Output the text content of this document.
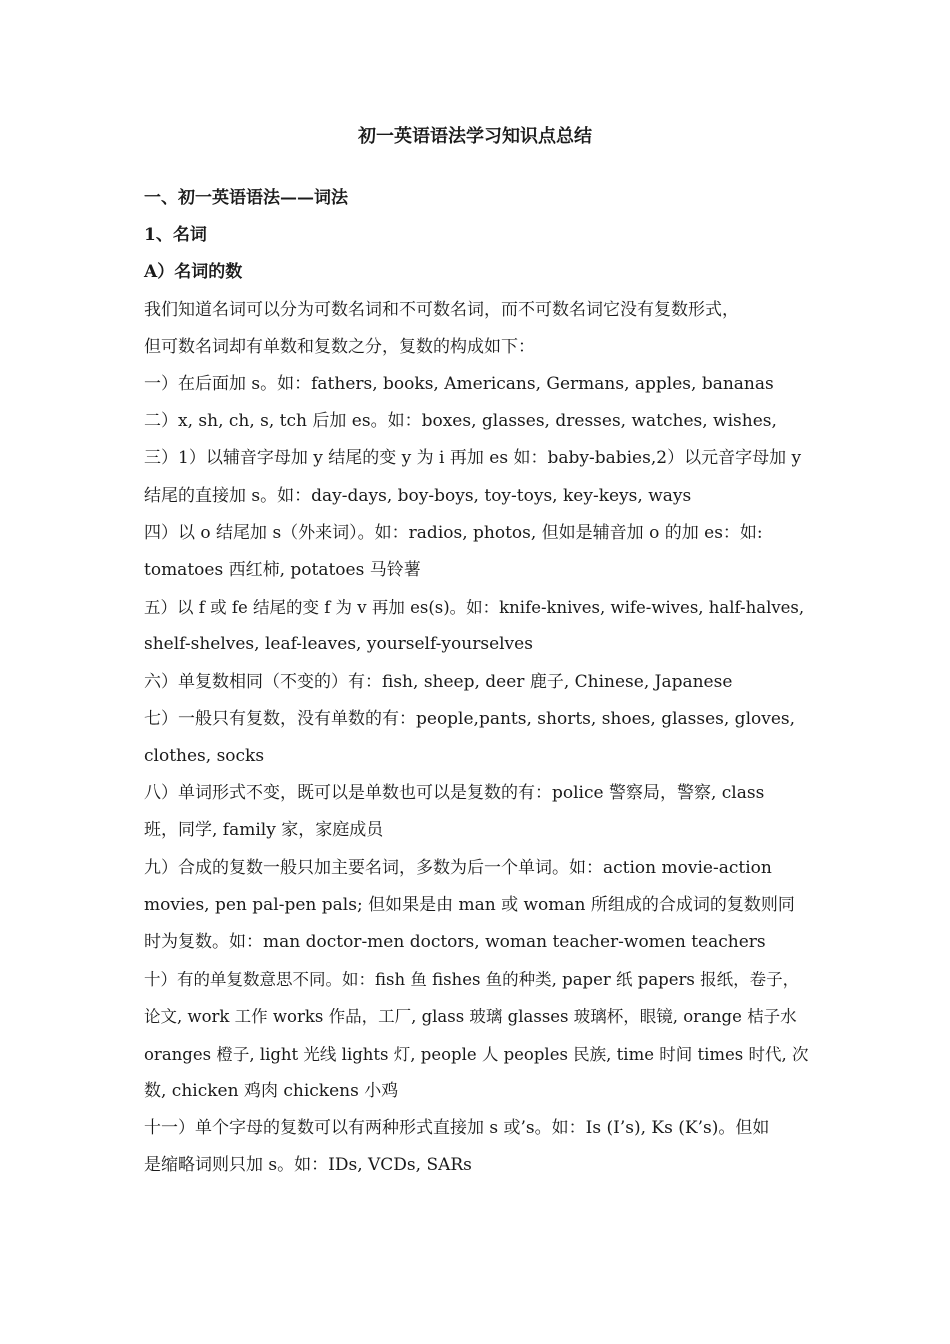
初一英语语法学习知识点总结

一、初一英语语法——词法

1、名词

A）名词的数

我们知道名词可以分为可数名词和不可数名词，而不可数名词它没有复数形式，

但可数名词却有单数和复数之分，复数的构成如下：

一）在后面加 s。如：fathers, books, Americans, Germans, apples, bananas

二）x, sh, ch, s, tch 后加 es。如：boxes, glasses, dresses, watches, wishes,

三）1）以辅音字母加 y 结尾的变 y 为 i 再加 es 如：baby-babies,2）以元音字母加 y

结尾的直接加 s。如：day-days, boy-boys, toy-toys, key-keys, ways

四）以 o 结尾加 s（外来词）。如：radios, photos, 但如是辅音加 o 的加 es：如:

tomatoes 西红柿, potatoes 马铃薯

五）以 f 或 fe 结尾的变 f 为 v 再加 es(s)。如：knife-knives, wife-wives, half-halves,

shelf-shelves, leaf-leaves, yourself-yourselves

六）单复数相同（不变的）有：fish, sheep, deer 鹿子, Chinese, Japanese

七）一般只有复数，没有单数的有：people,pants, shorts, shoes, glasses, gloves,

clothes, socks

八）单词形式不变，既可以是单数也可以是复数的有：police 警察局，警察, class

班，同学, family 家，家庭成员

九）合成的复数一般只加主要名词，多数为后一个单词。如：action movie-action

movies, pen pal-pen pals; 但如果是由 man 或 woman 所组成的合成词的复数则同

时为复数。如：man doctor-men doctors, woman teacher-women teachers

十）有的单复数意思不同。如：fish 鱼 fishes 鱼的种类, paper 纸 papers 报纸，卷子，

论文, work 工作 works 作品，工厂, glass 玻璃 glasses 玻璃杯，眼镜, orange 桔子水

oranges 橙子, light 光线 lights 灯, people 人 peoples 民族, time 时间 times 时代, 次

数, chicken 鸡肉 chickens 小鸡

十一）单个字母的复数可以有两种形式直接加 s 或’s。如：Is (I’s), Ks (K’s)。但如

是缩略词则只加 s。如：IDs, VCDs, SARs
